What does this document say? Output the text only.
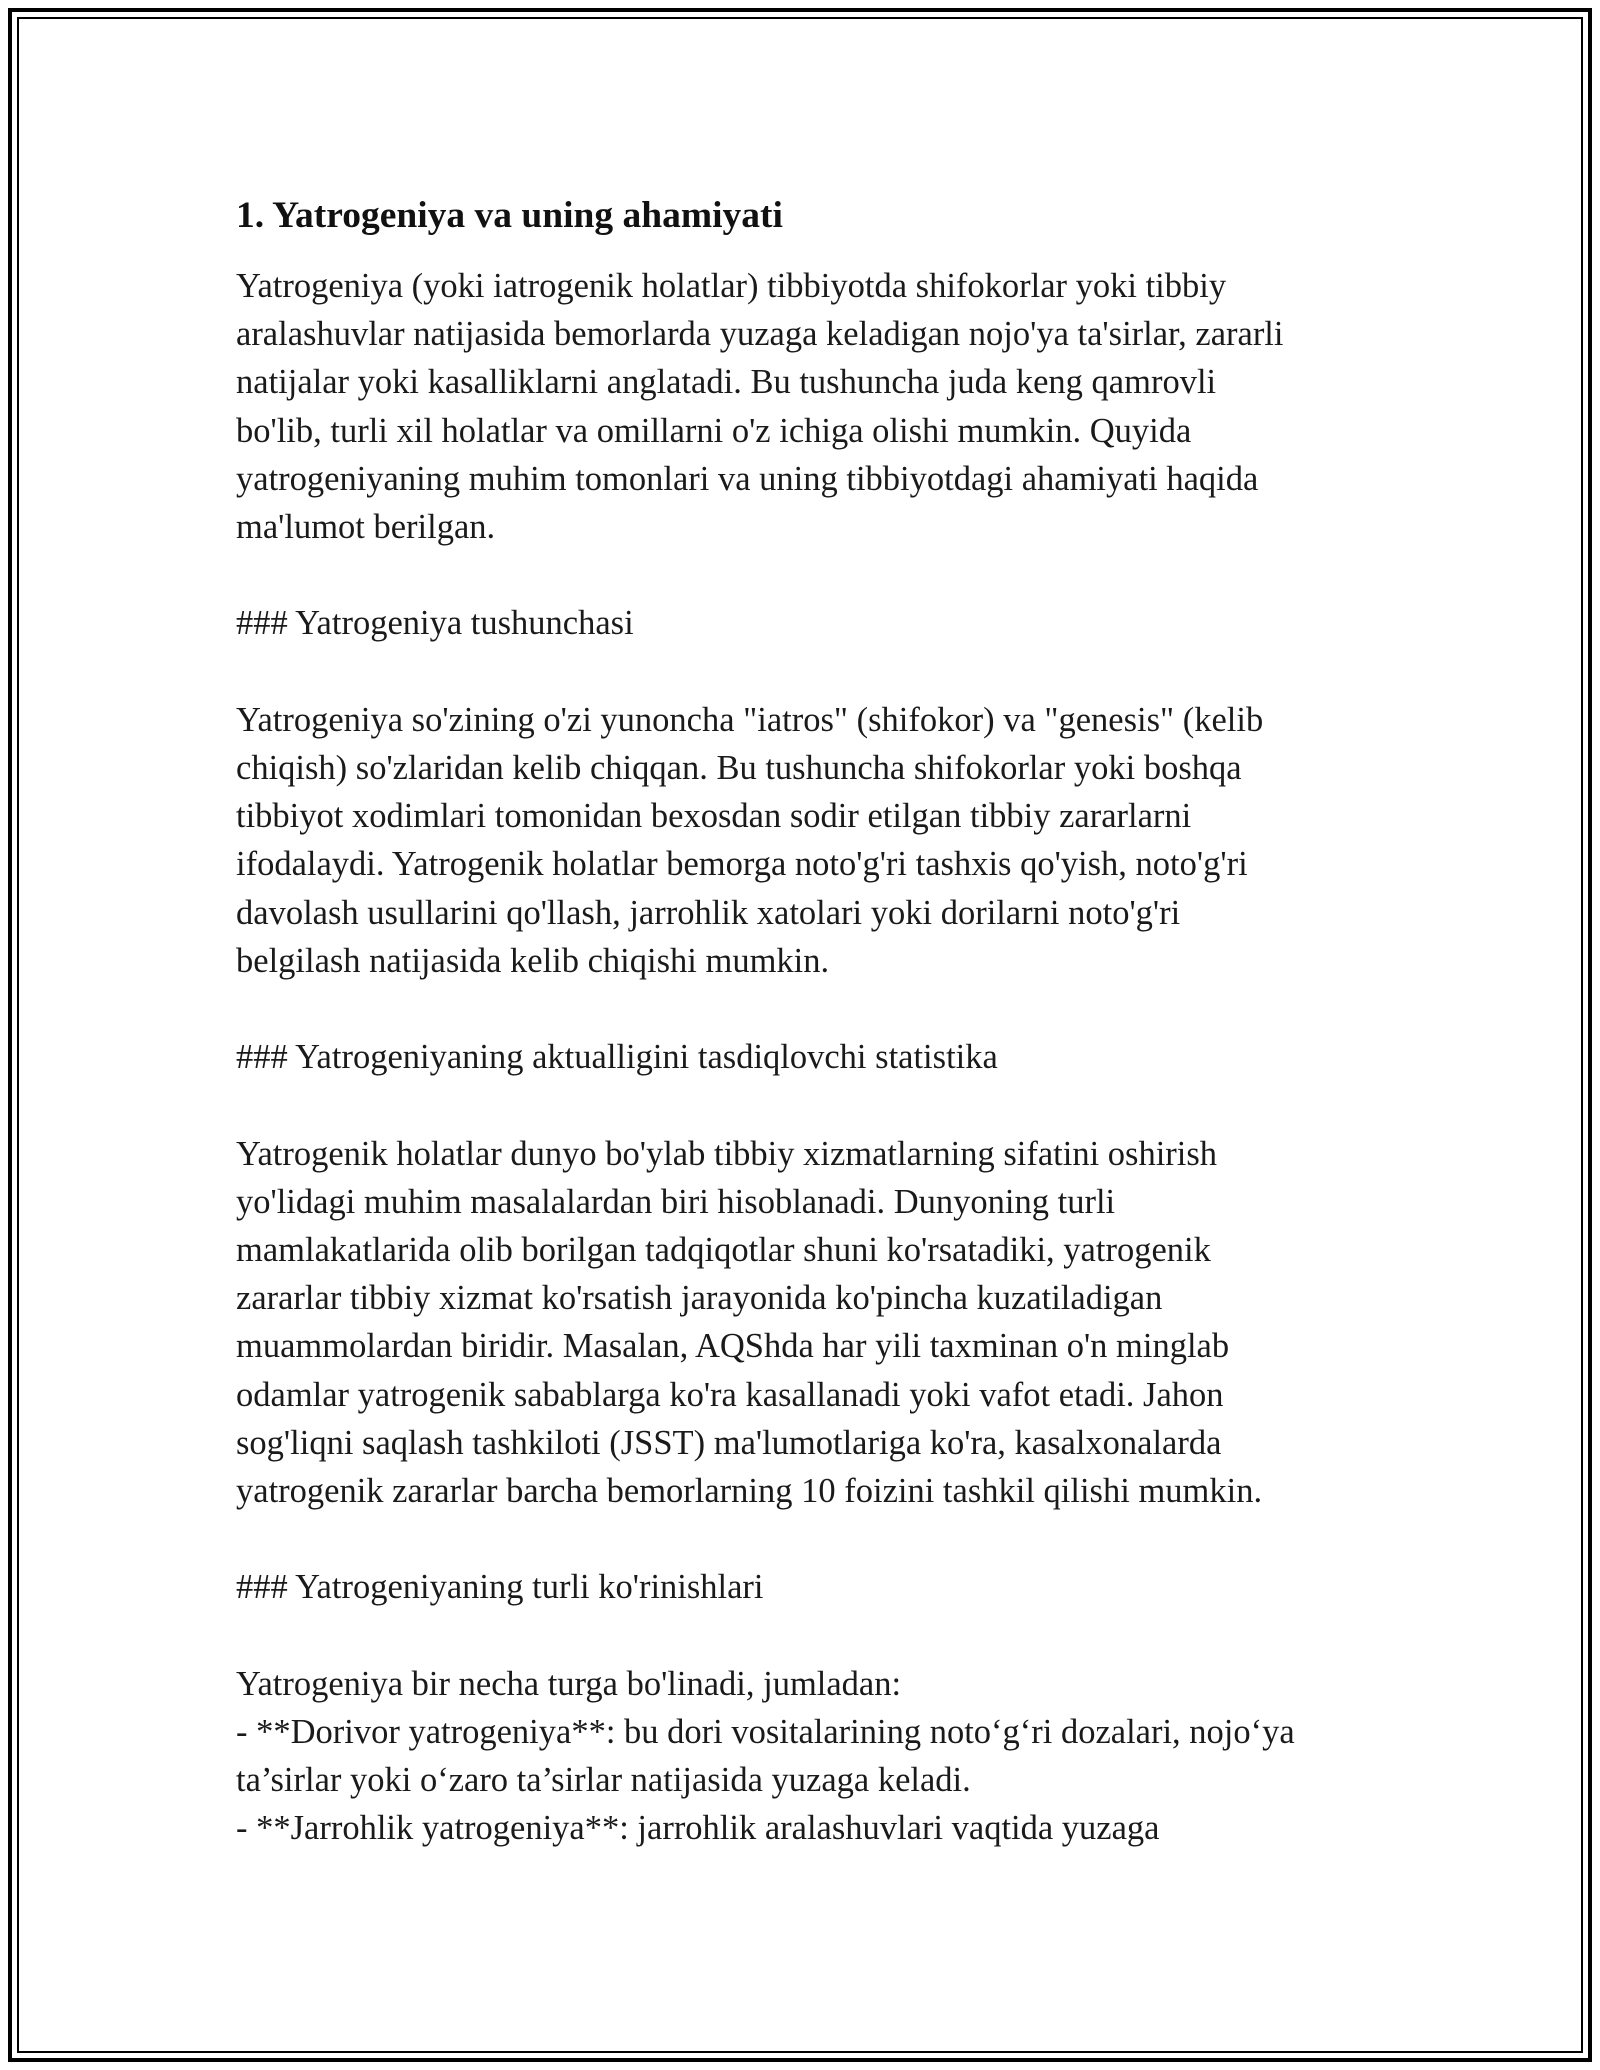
1. Yatrogeniya va uning ahamiyati
Yatrogeniya (yoki iatrogenik holatlar) tibbiyotda shifokorlar yoki tibbiy
aralashuvlar natijasida bemorlarda yuzaga keladigan nojo'ya ta'sirlar, zararli
natijalar yoki kasalliklarni anglatadi. Bu tushuncha juda keng qamrovli
bo'lib, turli xil holatlar va omillarni o'z ichiga olishi mumkin. Quyida
yatrogeniyaning muhim tomonlari va uning tibbiyotdagi ahamiyati haqida
ma'lumot berilgan.
### Yatrogeniya tushunchasi
Yatrogeniya so'zining o'zi yunoncha "iatros" (shifokor) va "genesis" (kelib
chiqish) so'zlaridan kelib chiqqan. Bu tushuncha shifokorlar yoki boshqa
tibbiyot xodimlari tomonidan bexosdan sodir etilgan tibbiy zararlarni
ifodalaydi. Yatrogenik holatlar bemorga noto'g'ri tashxis qo'yish, noto'g'ri
davolash usullarini qo'llash, jarrohlik xatolari yoki dorilarni noto'g'ri
belgilash natijasida kelib chiqishi mumkin.
### Yatrogeniyaning aktualligini tasdiqlovchi statistika
Yatrogenik holatlar dunyo bo'ylab tibbiy xizmatlarning sifatini oshirish
yo'lidagi muhim masalalardan biri hisoblanadi. Dunyoning turli
mamlakatlarida olib borilgan tadqiqotlar shuni ko'rsatadiki, yatrogenik
zararlar tibbiy xizmat ko'rsatish jarayonida ko'pincha kuzatiladigan
muammolardan biridir. Masalan, AQShda har yili taxminan o'n minglab
odamlar yatrogenik sabablarga ko'ra kasallanadi yoki vafot etadi. Jahon
sog'liqni saqlash tashkiloti (JSST) ma'lumotlariga ko'ra, kasalxonalarda
yatrogenik zararlar barcha bemorlarning 10 foizini tashkil qilishi mumkin.
### Yatrogeniyaning turli ko'rinishlari
Yatrogeniya bir necha turga bo'linadi, jumladan:
- **Dorivor yatrogeniya**: bu dori vositalarining noto‘g‘ri dozalari, nojo‘ya
ta’sirlar yoki o‘zaro ta’sirlar natijasida yuzaga keladi.
- **Jarrohlik yatrogeniya**: jarrohlik aralashuvlari vaqtida yuzaga
